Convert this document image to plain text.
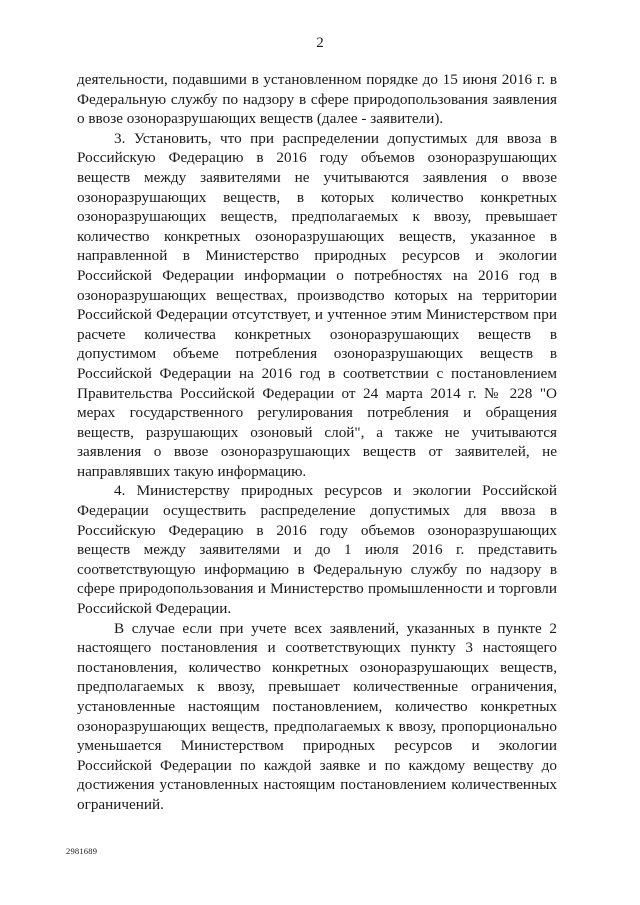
2

деятельности, подавшими в установленном порядке до 15 июня 2016 г. в Федеральную службу по надзору в сфере природопользования заявления о ввозе озоноразрушающих веществ (далее - заявители).

3. Установить, что при распределении допустимых для ввоза в Российскую Федерацию в 2016 году объемов озоноразрушающих веществ между заявителями не учитываются заявления о ввозе озоноразрушающих веществ, в которых количество конкретных озоноразрушающих веществ, предполагаемых к ввозу, превышает количество конкретных озоноразрушающих веществ, указанное в направленной в Министерство природных ресурсов и экологии Российской Федерации информации о потребностях на 2016 год в озоноразрушающих веществах, производство которых на территории Российской Федерации отсутствует, и учтенное этим Министерством при расчете количества конкретных озоноразрушающих веществ в допустимом объеме потребления озоноразрушающих веществ в Российской Федерации на 2016 год в соответствии с постановлением Правительства Российской Федерации от 24 марта 2014 г. № 228 "О мерах государственного регулирования потребления и обращения веществ, разрушающих озоновый слой", а также не учитываются заявления о ввозе озоноразрушающих веществ от заявителей, не направлявших такую информацию.

4. Министерству природных ресурсов и экологии Российской Федерации осуществить распределение допустимых для ввоза в Российскую Федерацию в 2016 году объемов озоноразрушающих веществ между заявителями и до 1 июля 2016 г. представить соответствующую информацию в Федеральную службу по надзору в сфере природопользования и Министерство промышленности и торговли Российской Федерации.

В случае если при учете всех заявлений, указанных в пункте 2 настоящего постановления и соответствующих пункту 3 настоящего постановления, количество конкретных озоноразрушающих веществ, предполагаемых к ввозу, превышает количественные ограничения, установленные настоящим постановлением, количество конкретных озоноразрушающих веществ, предполагаемых к ввозу, пропорционально уменьшается Министерством природных ресурсов и экологии Российской Федерации по каждой заявке и по каждому веществу до достижения установленных настоящим постановлением количественных ограничений.

2981689
